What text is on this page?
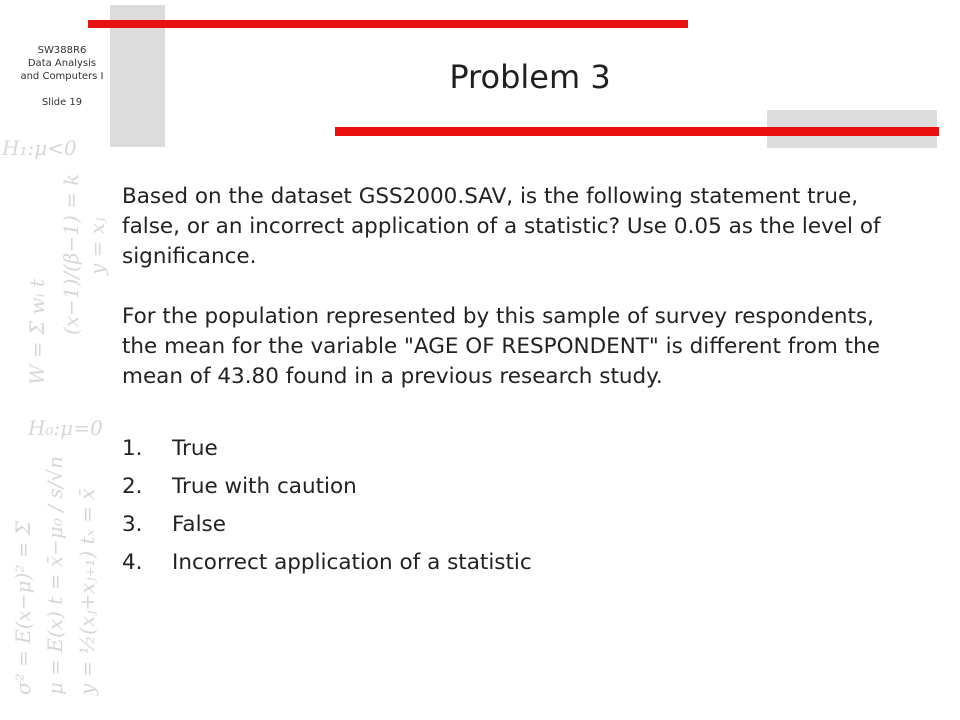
SW388R6
Data Analysis
and Computers I
Slide 19
H₁:μ<0
H₀:μ=0
σ² = E(x−μ)² = Σ μ = E(x) t = x̄−μ₀ / s/√n y = ½(xⱼ+xⱼ₊₁) tₓ = x̄
W = Σ wᵢ t (x−1)/(β−1) = k y = xⱼ
Problem 3

Based on the dataset GSS2000.SAV, is the following statement true, false, or an incorrect application of a statistic? Use 0.05 as the level of significance.

For the population represented by this sample of survey respondents, the mean for the variable "AGE OF RESPONDENT" is different from the mean of 43.80 found in a previous research study.

1.	True
2.	True with caution
3.	False
4.	Incorrect application of a statistic
